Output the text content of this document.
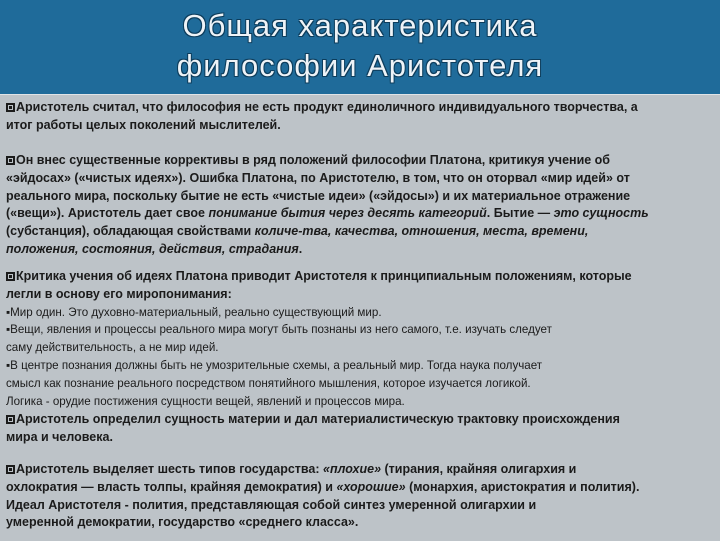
Общая характеристика
философии Аристотеля
Аристотель считал, что философия не есть продукт единоличного индивидуального творчества, а
итог работы целых поколений мыслителей.
Он внес существенные коррективы в ряд положений философии Платона, критикуя учение об
«эйдосах» («чистых идеях»). Ошибка Платона, по Аристотелю, в том, что он оторвал «мир идей» от
реального мира, поскольку бытие не есть «чистые идеи» («эйдосы») и их материальное отражение
(«вещи»). Аристотель дает свое понимание бытия через десять категорий. Бытие — это сущность
(субстанция), обладающая свойствами количе-тва, качества, отношения, места, времени,
положения, состояния, действия, страдания.
Критика учения об идеях Платона приводит Аристотеля к принципиальным положениям, которые
легли в основу его миропонимания:
▪Мир один. Это духовно-материальный, реально существующий мир.
▪Вещи, явления и процессы реального мира могут быть познаны из него самого, т.е. изучать следует
саму действительность, а не мир идей.
▪В центре познания должны быть не умозрительные схемы, а реальный мир. Тогда наука получает
смысл как познание реального посредством понятийного мышления, которое изучается логикой.
Логика - орудие постижения сущности вещей, явлений и процессов мира.
Аристотель определил сущность материи и дал материалистическую трактовку происхождения
мира и человека.
Аристотель выделяет шесть типов государства: «плохие» (тирания, крайняя олигархия и
охлократия — власть толпы, крайняя демократия) и «хорошие» (монархия, аристократия и полития).
Идеал Аристотеля - полития, представляющая собой синтез умеренной олигархии и
умеренной демократии, государство «среднего класса».
